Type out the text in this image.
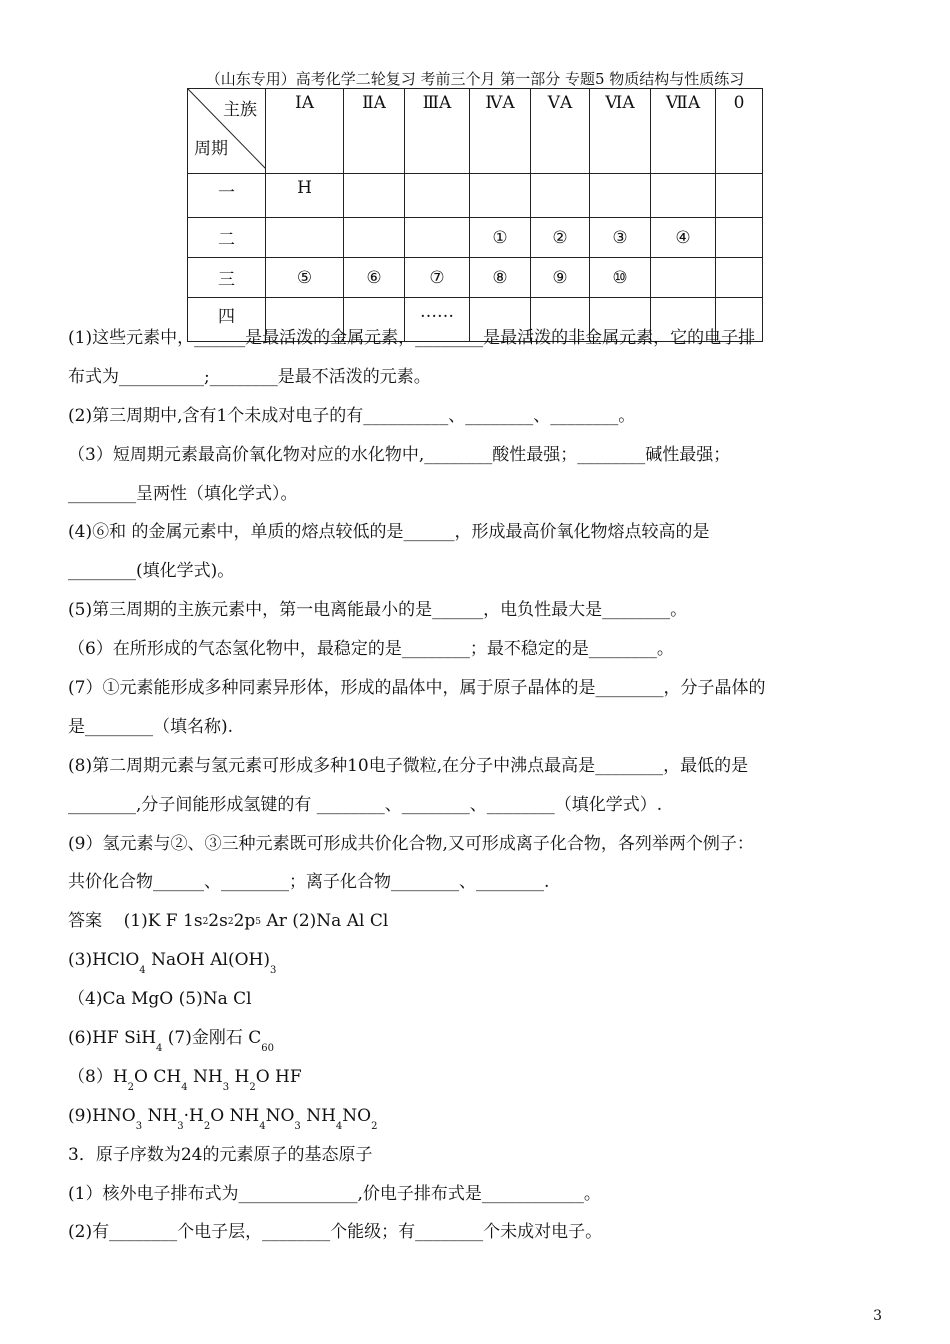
（山东专用）高考化学二轮复习 考前三个月 第一部分 专题5 物质结构与性质练习
主族
周期	ⅠA	ⅡA	ⅢA	ⅣA	ⅤA	ⅥA	ⅦA	0
一	H							
二				①	②	③	④	
三	⑤	⑥	⑦	⑧	⑨	⑩		
四			……					
(1)这些元素中，______是最活泼的金属元素，________是最活泼的非金属元素，它的电子排
布式为__________;________是最不活泼的元素。
(2)第三周期中,含有1个未成对电子的有__________、________、________。
（3）短周期元素最高价氧化物对应的水化物中,________酸性最强；________碱性最强；
________呈两性（填化学式）。
(4)⑥和 的金属元素中，单质的熔点较低的是______，形成最高价氧化物熔点较高的是
________(填化学式)。
(5)第三周期的主族元素中，第一电离能最小的是______，电负性最大是________。
（6）在所形成的气态氢化物中，最稳定的是________；最不稳定的是________。
(7）①元素能形成多种同素异形体，形成的晶体中，属于原子晶体的是________，分子晶体的
是________（填名称).
(8)第二周期元素与氢元素可形成多种10电子微粒,在分子中沸点最高是________，最低的是
________,分子间能形成氢键的有 ________、________、________（填化学式）.
(9）氢元素与②、③三种元素既可形成共价化合物,又可形成离子化合物，各列举两个例子：
共价化合物______、________；离子化合物________、________.
答案 (1)K F $1s^22s^22p^5$ Ar (2)Na Al Cl
(3)HClO$_4$ NaOH $Al(OH)_3$
（4)Ca MgO (5)Na Cl
(6)HF SiH$_4$ (7)金刚石 $C_{60}$
$(8)H_2O$ $CH_4$ $NH_3$ $H_2O$ HF
$(9)HNO_3$ $NH_3\cdot H_2O$ $NH_4NO_3$ $NH_4NO_2$
3．原子序数为24的元素原子的基态原子
(1）核外电子排布式为______________,价电子排布式是____________。
(2)有________个电子层，________个能级；有________个未成对电子。
3
